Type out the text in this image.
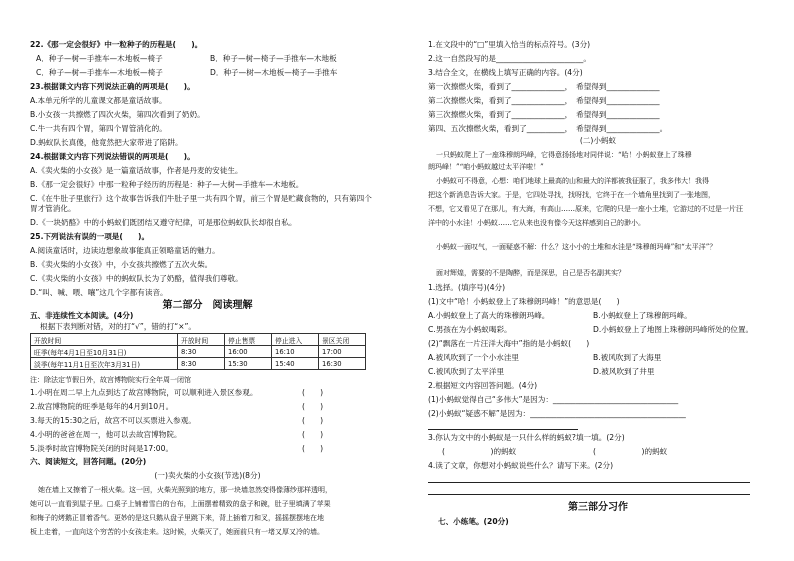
22.《那一定会很好》中一粒种子的历程是(　　)。
A．种子—树—手推车—木地板—椅子	B．种子—树—椅子—手推车—木地板
C．种子—树—手推车—木地板—椅子	D．种子—树—木地板—椅子—手推车
23.根据课文内容下列说法正确的两项是(　　)。
A.本单元所学的儿童课文都是童话故事。
B.小女孩一共擦燃了四次火柴，第四次看到了奶奶。
C.牛一共有四个胃，第四个胃管消化的。
D.蚂蚁队长真傻，他竟然把大家带进了陷阱。
24.根据课文内容下列说法错误的两项是(　　)。
A.《卖火柴的小女孩》是一篇童话故事，作者是丹麦的安徒生。
B.《那一定会很好》中那一粒种子经历的历程是：种子—大树—手推车—木地板。
C.《在牛肚子里旅行》这个故事告诉我们牛肚子里一共有四个胃，前三个胃是贮藏食物的，只有第四个
胃才管消化。
D.《一块奶酪》中的小蚂蚁们既团结又遵守纪律，可是那位蚂蚁队长却很自私。
25.下列说法有误的一项是(　　)。
A.阅读童话时，边读边想象故事能真正领略童话的魅力。
B.《卖火柴的小女孩》中，小女孩共擦燃了五次火柴。
C.《卖火柴的小女孩》中的蚂蚁队长为了奶酪，值得我们尊敬。
D.“叫、喊、喂、嚷”这几个字都有读音。
第二部分　阅读理解
五、非连续性文本阅读。(4分)
根据下表判断对错，对的打“√”，错的打“×”。
开放时间	开放时间	停止售票	停止进入	景区关闭
旺季(每年4月1日至10月31日)	8:30	16:00	16:10	17:00
淡季(每年11月1日至次年3月31日)	8:30	15:30	15:40	16:30
注：除法定节假日外，故宫博物院实行全年周一闭馆
1.小明在周二早上九点到达了故宫博物院，可以顺利进入景区参观。	(　　)
2.故宫博物院的旺季是每年的4月到10月。	(　　)
3.每天的15:30之后，故宫不可以买票进入参观。	(　　)
4.小明的爸爸在周一，他可以去故宫博物院。	(　　)
5.淡季时故宫博物院关闭的时间是17:00。	(　　)
六、阅读短文，回答问题。(20分)
(一)卖火柴的小女孩(节选)(8分)
她在墙上又擦着了一根火柴。这一回，火柴光照到的地方，那一块墙忽然变得像薄纱那样透明，
她可以一直看到屋子里。□桌子上铺着雪白的台布，上面摆着精致的盘子和碗，肚子里填满了苹果
和梅子的烤鹅正冒着香气。更妙的是这只鹅从盘子里跳下来，背上插着刀和叉，摇摇摆摆地在地
板上走着，一直向这个穷苦的小女孩走来。这时候，火柴灭了，她面前只有一堵又厚又冷的墙。
1.在文段中的“□”里填入恰当的标点符号。(3分)
2.这一自然段写的是_______________________。
3.结合全文，在横线上填写正确的内容。(4分)
第一次擦燃火柴，看到了______________，　希望得到______________
第二次擦燃火柴，看到了______________，　希望得到______________
第三次擦燃火柴，看到了______________，　希望得到______________
第四、五次擦燃火柴，看到了__________，　希望得到______________。
(二)小蚂蚁
一只蚂蚁爬上了一座珠穆朗玛峰，它得意扬扬地对同伴说：“哈！小蚂蚁登上了珠穆
朗玛峰！”“咱小蚂蚁越过太平洋啦！”
小蚂蚁可不得意，心想：咱们地球上最高的山和最大的洋都被我征服了，我多伟大！我得
把这个新消息告诉大家。于是，它四处寻找，找呀找，它终于在一个墙角里找到了一张地图，
不想，它又看见了在那儿，有大海，有高山……原来，它爬的只是一座小土堆，它游过的不过是一片汪
洋中的小水洼！小蚂蚁……它从来也没有像今天这样感到自己的渺小。
小蚂蚁一面叹气，一面疑惑不解：什么？这小小的土堆和水洼是“珠穆朗玛峰”和“太平洋”？
面对辉煌，需要的不是陶醉，而是深思，自己是否名副其实？
1.选择。(填序号)(4分)
(1)文中“哈！小蚂蚁登上了珠穆朗玛峰！”的意思是(　　)
A.小蚂蚁登上了高大的珠穆朗玛峰。	B.小蚂蚁登上了珠穆朗玛峰。
C.男孩在为小蚂蚁喝彩。	D.小蚂蚁登上了地图上珠穆朗玛峰所处的位置。
(2)“飘落在一片汪洋大海中”指的是小蚂蚁(　　)
A.被风吹到了一个小水洼里	B.被风吹到了大海里
C.被风吹到了太平洋里	D.被风吹到了井里
2.根据短文内容回答问题。(4分)
(1)小蚂蚁觉得自己“多伟大”是因为：_________________________________
(2)小蚂蚁“疑惑不解”是因为：_________________________________________
3.你认为文中的小蚂蚁是一只什么样的蚂蚁?填一填。(2分)
(　　　　　　)的蚂蚁	(　　　　　　)的蚂蚁
4.读了文章，你想对小蚂蚁说些什么？请写下来。(2分)
第三部分习作
七、小练笔。(20分)
